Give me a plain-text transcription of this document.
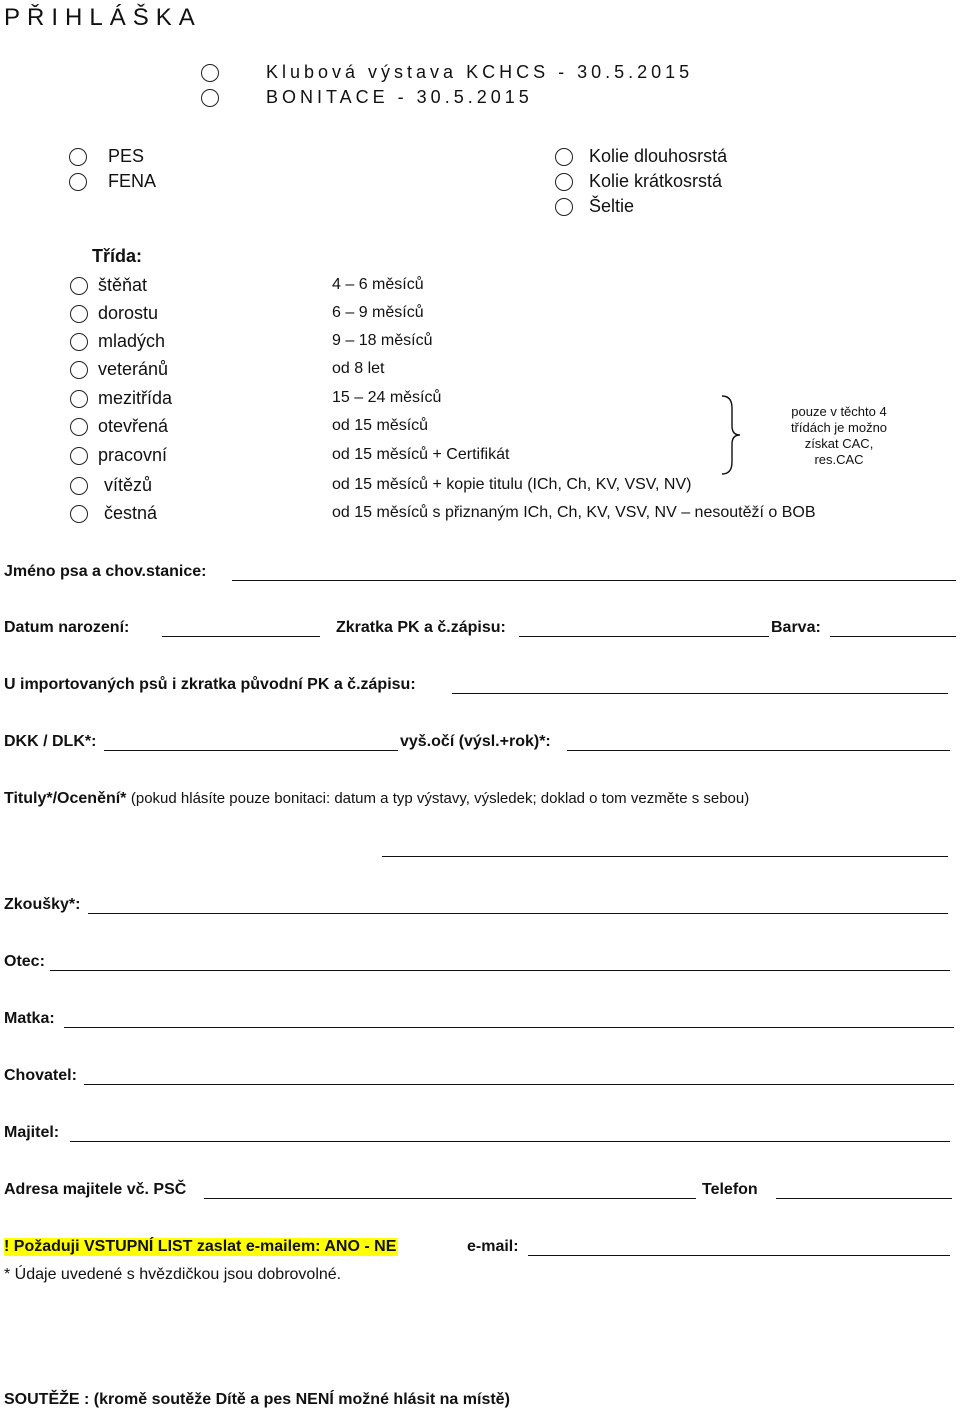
PŘIHLÁŠKA
Klubová výstava KCHCS - 30.5.2015
BONITACE - 30.5.2015
PES
FENA
Kolie dlouhosrstá
Kolie krátkosrstá
Šeltie
Třída:
štěňat	4 – 6 měsíců
dorostu	6 – 9 měsíců
mladých	9 – 18 měsíců
veteránů	od 8 let
mezitřída	15 – 24 měsíců
otevřená	od 15 měsíců
pracovní	od 15 měsíců + Certifikát
vítězů	od 15 měsíců + kopie titulu (ICh, Ch, KV, VSV, NV)
čestná	od 15 měsíců s přiznaným ICh, Ch, KV, VSV, NV – nesoutěží o BOB
pouze v těchto 4 třídách je možno získat CAC, res.CAC
Jméno psa a chov.stanice:
Datum narození:	Zkratka PK a č.zápisu:	Barva:
U importovaných psů i zkratka původní PK a č.zápisu:
DKK / DLK*:	vyš.očí (výsl.+rok)*:
Tituly*/Ocenění* (pokud hlásíte pouze bonitaci: datum a typ výstavy, výsledek; doklad o tom vezměte s sebou)
Zkoušky*:
Otec:
Matka:
Chovatel:
Majitel:
Adresa majitele vč. PSČ	Telefon
! Požaduji VSTUPNÍ LIST zaslat e-mailem: ANO - NE	e-mail:
* Údaje uvedené s hvězdičkou jsou dobrovolné.
SOUTĚŽE : (kromě soutěže Dítě a pes NENÍ možné hlásit na místě)
